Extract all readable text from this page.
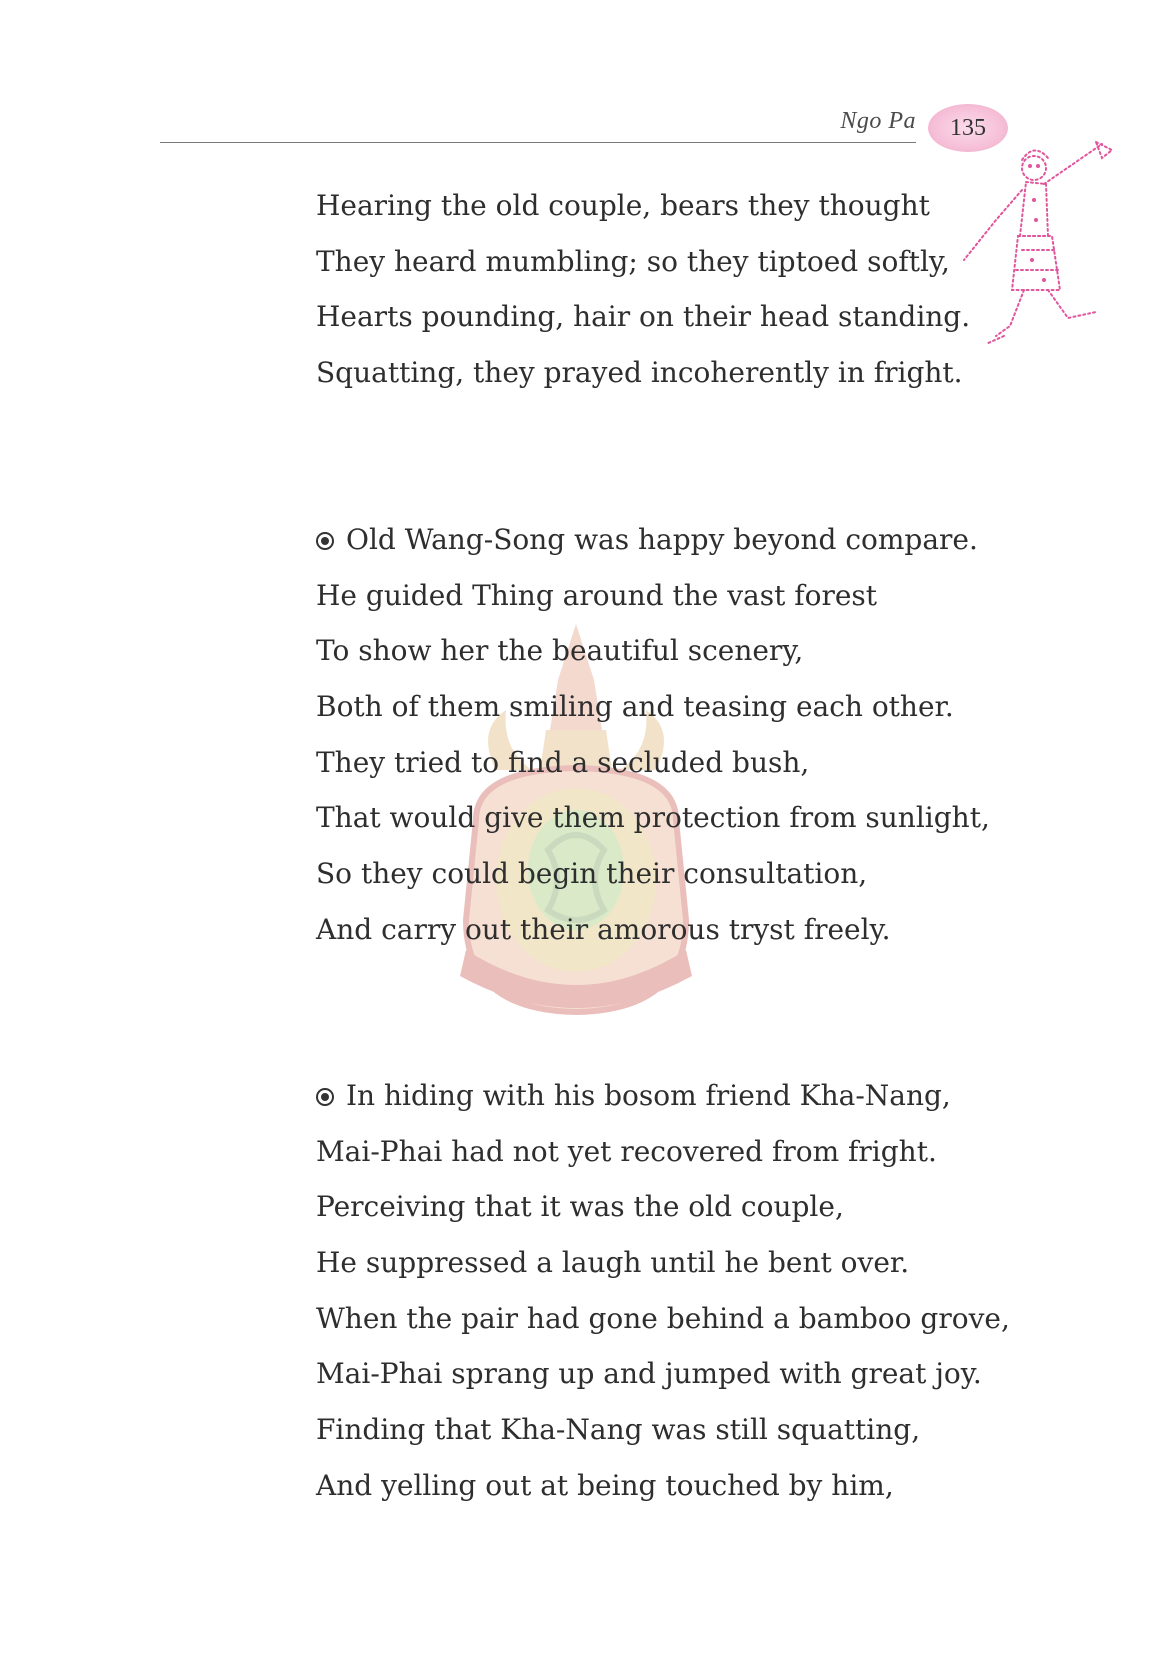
Ngo Pa 135
Hearing the old couple, bears they thought
They heard mumbling; so they tiptoed softly,
Hearts pounding, hair on their head standing.
Squatting, they prayed incoherently in fright.
Old Wang-Song was happy beyond compare.
He guided Thing around the vast forest
To show her the beautiful scenery,
Both of them smiling and teasing each other.
They tried to find a secluded bush,
That would give them protection from sunlight,
So they could begin their consultation,
And carry out their amorous tryst freely.
In hiding with his bosom friend Kha-Nang,
Mai-Phai had not yet recovered from fright.
Perceiving that it was the old couple,
He suppressed a laugh until he bent over.
When the pair had gone behind a bamboo grove,
Mai-Phai sprang up and jumped with great joy.
Finding that Kha-Nang was still squatting,
And yelling out at being touched by him,
